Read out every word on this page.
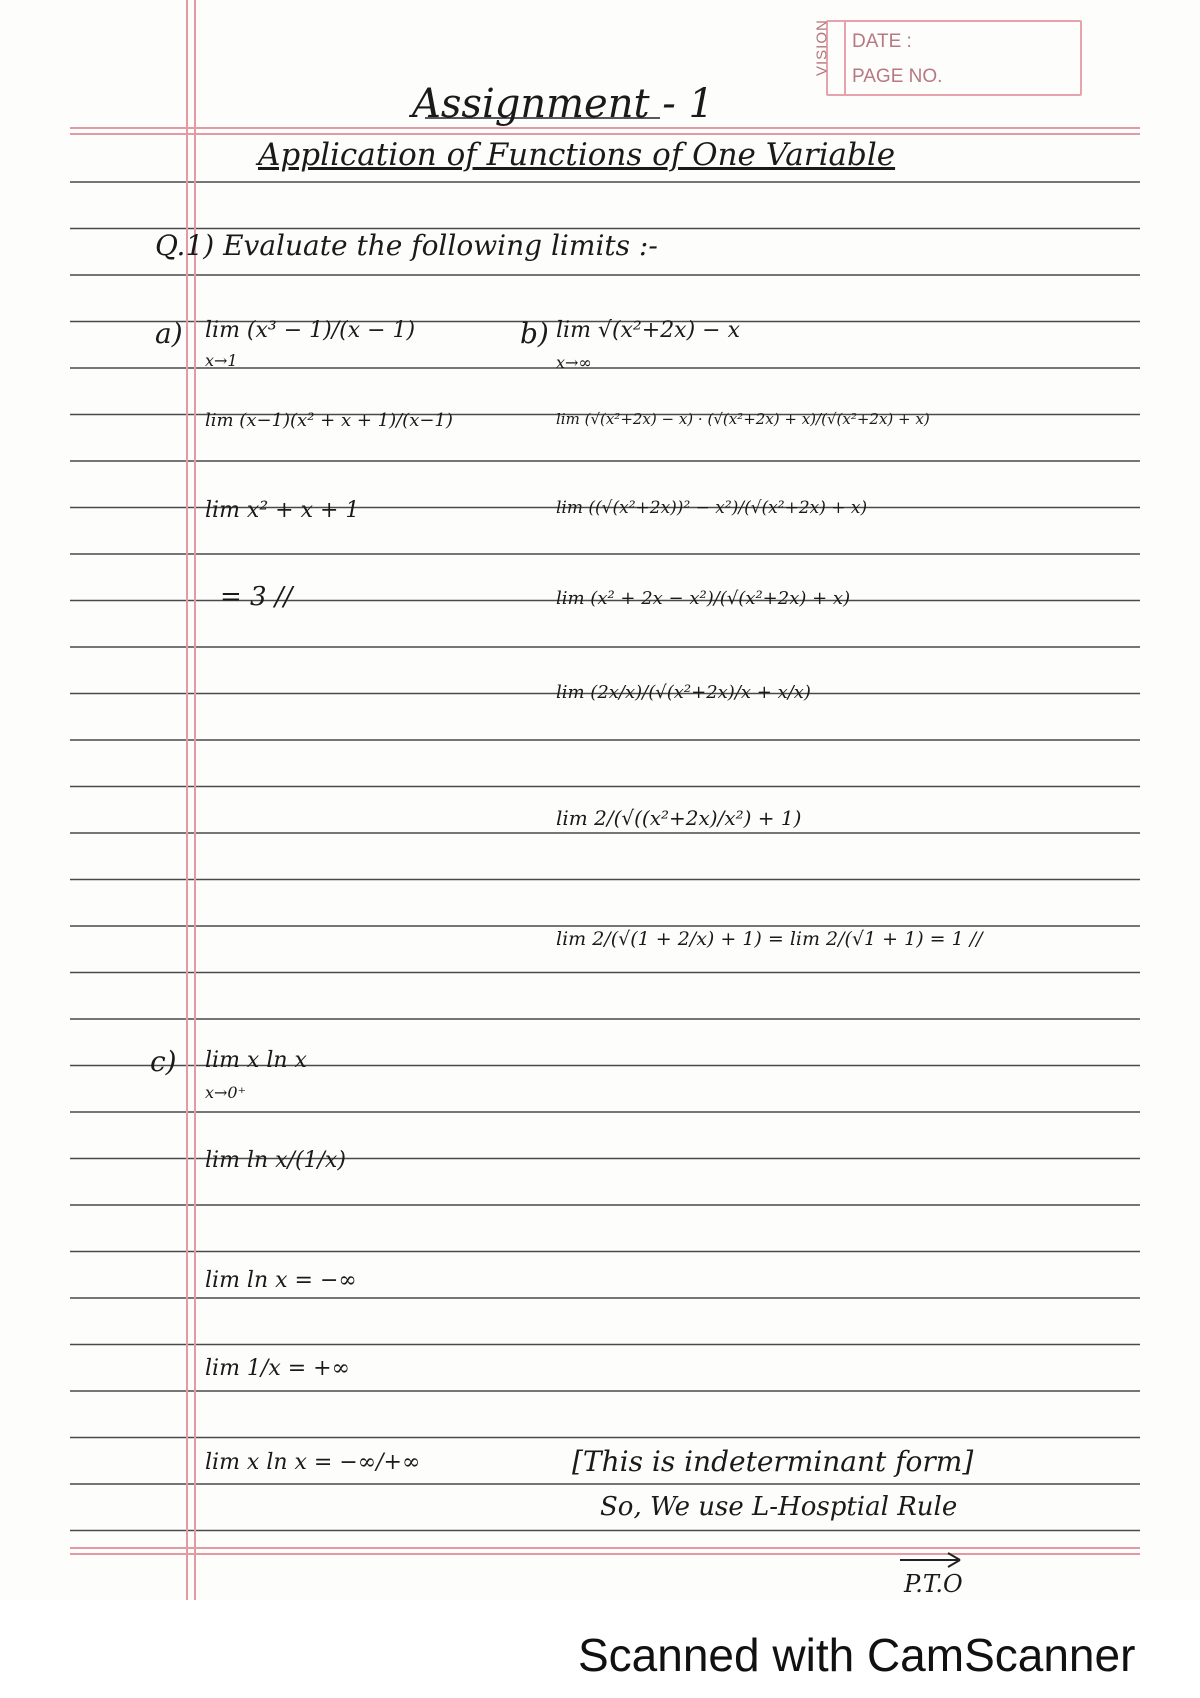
VISION DATE :
PAGE NO.
Assignment - 1
Application of Functions of One Variable
Q.1) Evaluate the following limits :-
a) lim (x³ − 1)/(x − 1)
x→1
lim (x−1)(x² + x + 1)/(x−1)
lim x² + x + 1
= 3 //
b) lim √(x²+2x) − x
x→∞
lim (√(x²+2x) − x) · (√(x²+2x) + x)/(√(x²+2x) + x)
lim ((√(x²+2x))² − x²)/(√(x²+2x) + x)
lim (x² + 2x − x²)/(√(x²+2x) + x)
lim (2x/x)/(√(x²+2x)/x + x/x)
lim 2/(√((x²+2x)/x²) + 1)
lim 2/(√(1 + 2/x) + 1) = lim 2/(√1 + 1) = 1 //
c) lim x ln x
x→0⁺
lim ln x/(1/x)
lim ln x = −∞
lim 1/x = +∞
lim x ln x = −∞/+∞	[This is indeterminant form]
So, We use L-Hosptial Rule
P.T.O
Scanned with CamScanner
